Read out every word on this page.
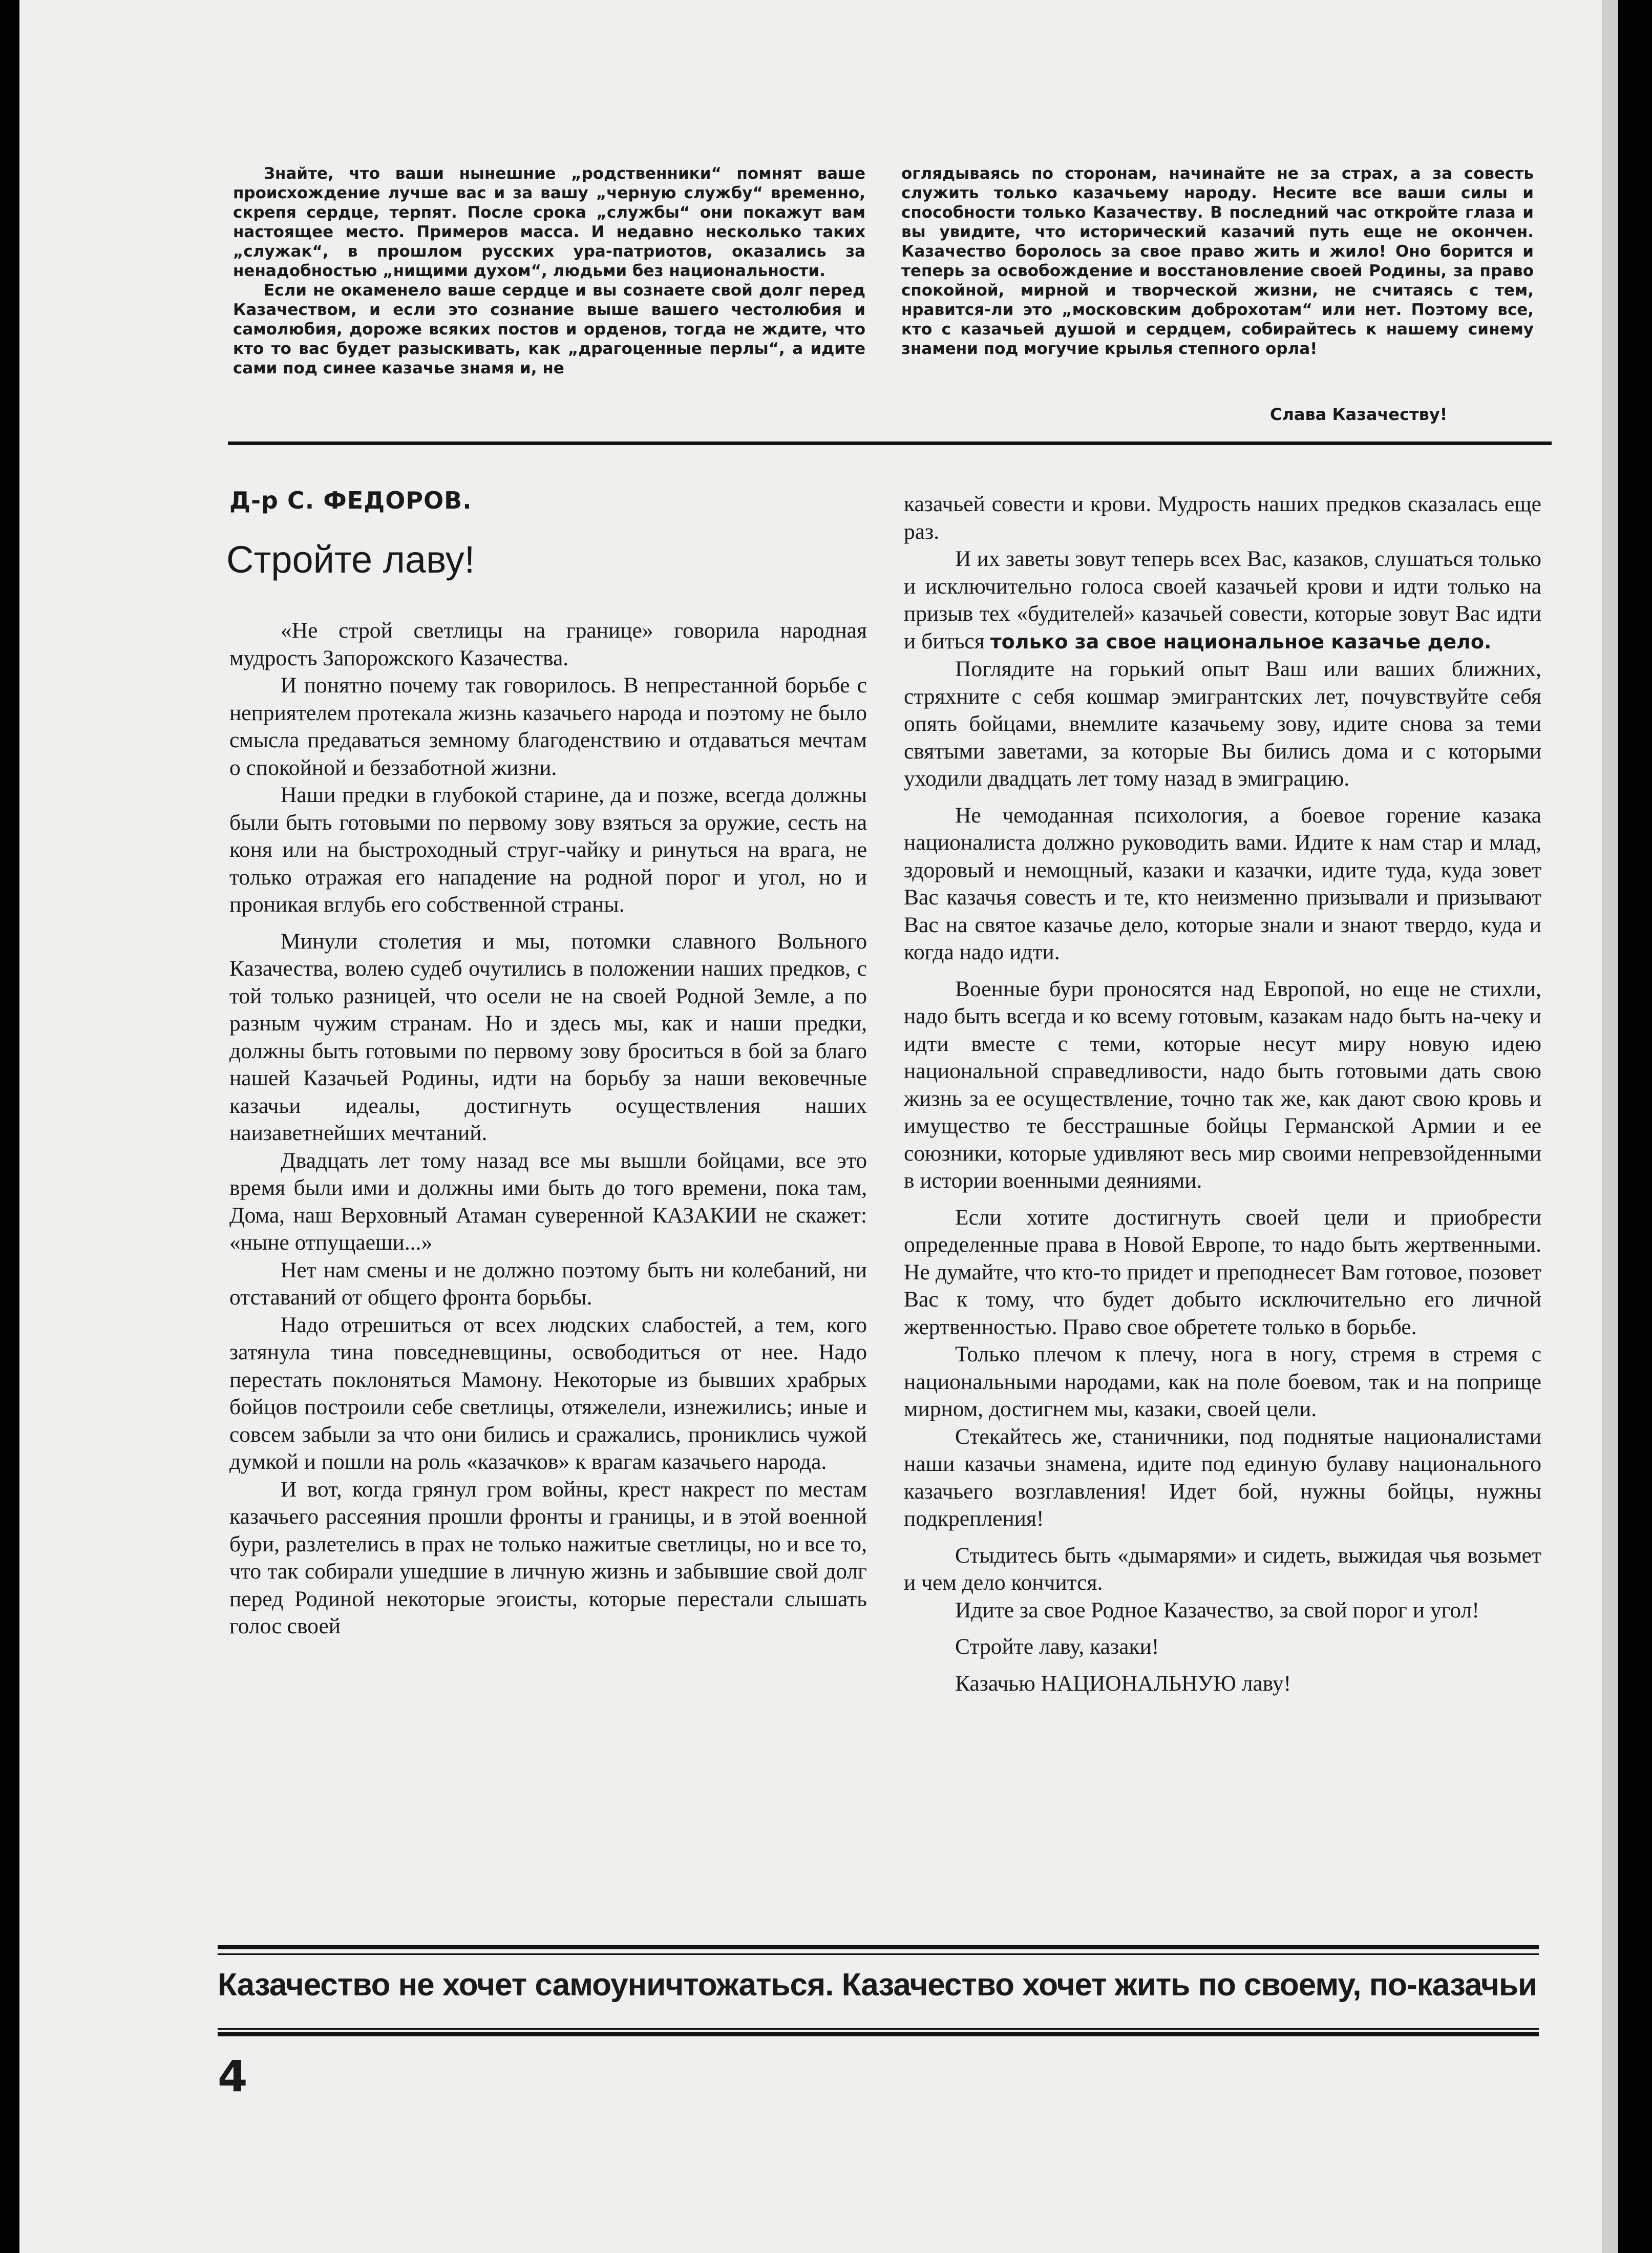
Знайте, что ваши нынешние „родственники“ помнят ваше происхождение лучше вас и за вашу „черную службу“ временно, скрепя сердце, терпят. После срока „службы“ они покажут вам настоящее место. Примеров масса. И недавно несколько таких „служак“, в прошлом русских ура-патриотов, оказались за ненадобностью „нищими духом“, людьми без национальности.

Если не окаменело ваше сердце и вы сознаете свой долг перед Казачеством, и если это сознание выше вашего честолюбия и самолюбия, дороже всяких постов и орденов, тогда не ждите, что кто то вас будет разыскивать, как „драгоценные перлы“, а идите сами под синее казачье знамя и, не

оглядываясь по сторонам, начинайте не за страх, а за совесть служить только казачьему народу. Несите все ваши силы и способности только Казачеству. В последний час откройте глаза и вы увидите, что исторический казачий путь еще не окончен. Казачество боролось за свое право жить и жило! Оно борится и теперь за освобождение и восстановление своей Родины, за право спокойной, мирной и творческой жизни, не считаясь с тем, нравится-ли это „московским доброхотам“ или нет. Поэтому все, кто с казачьей душой и сердцем, собирайтесь к нашему синему знамени под могучие крылья степного орла!

Слава Казачеству!
Д-р С. ФЕДОРОВ.
Стройте лаву!

«Не строй светлицы на границе» говорила народная мудрость Запорожского Казачества.

И понятно почему так говорилось. В непрестанной борьбе с неприятелем протекала жизнь казачьего народа и поэтому не было смысла предаваться земному благоденствию и отдаваться мечтам о спокойной и беззаботной жизни.

Наши предки в глубокой старине, да и позже, всегда должны были быть готовыми по первому зову взяться за оружие, сесть на коня или на быстроходный струг-чайку и ринуться на врага, не только отражая его нападение на родной порог и угол, но и проникая вглубь его собственной страны.

Минули столетия и мы, потомки славного Вольного Казачества, волею судеб очутились в положении наших предков, с той только разницей, что осели не на своей Родной Земле, а по разным чужим странам. Но и здесь мы, как и наши предки, должны быть готовыми по первому зову броситься в бой за благо нашей Казачьей Родины, идти на борьбу за наши вековечные казачьи идеалы, достигнуть осуществления наших наизаветнейших мечтаний.

Двадцать лет тому назад все мы вышли бойцами, все это время были ими и должны ими быть до того времени, пока там, Дома, наш Верховный Атаман суверенной КАЗАКИИ не скажет: «ныне отпущаеши...»

Нет нам смены и не должно поэтому быть ни колебаний, ни отставаний от общего фронта борьбы.

Надо отрешиться от всех людских слабостей, а тем, кого затянула тина повседневщины, освободиться от нее. Надо перестать поклоняться Мамону. Некоторые из бывших храбрых бойцов построили себе светлицы, отяжелели, изнежились; иные и совсем забыли за что они бились и сражались, прониклись чужой думкой и пошли на роль «казачков» к врагам казачьего народа.

И вот, когда грянул гром войны, крест накрест по местам казачьего рассеяния прошли фронты и границы, и в этой военной бури, разлетелись в прах не только нажитые светлицы, но и все то, что так собирали ушедшие в личную жизнь и забывшие свой долг перед Родиной некоторые эгоисты, которые перестали слышать голос своей

казачьей совести и крови. Мудрость наших предков сказалась еще раз.

И их заветы зовут теперь всех Вас, казаков, слушаться только и исключительно голоса своей казачьей крови и идти только на призыв тех «будителей» казачьей совести, которые зовут Вас идти и биться только за свое национальное казачье дело.

Поглядите на горький опыт Ваш или ваших ближних, стряхните с себя кошмар эмигрантских лет, почувствуйте себя опять бойцами, внемлите казачьему зову, идите снова за теми святыми заветами, за которые Вы бились дома и с которыми уходили двадцать лет тому назад в эмиграцию.

Не чемоданная психология, а боевое горение казака националиста должно руководить вами. Идите к нам стар и млад, здоровый и немощный, казаки и казачки, идите туда, куда зовет Вас казачья совесть и те, кто неизменно призывали и призывают Вас на святое казачье дело, которые знали и знают твердо, куда и когда надо идти.

Военные бури проносятся над Европой, но еще не стихли, надо быть всегда и ко всему готовым, казакам надо быть на-чеку и идти вместе с теми, которые несут миру новую идею национальной справедливости, надо быть готовыми дать свою жизнь за ее осуществление, точно так же, как дают свою кровь и имущество те бесстрашные бойцы Германской Армии и ее союзники, которые удивляют весь мир своими непревзойденными в истории военными деяниями.

Если хотите достигнуть своей цели и приобрести определенные права в Новой Европе, то надо быть жертвенными. Не думайте, что кто-то придет и преподнесет Вам готовое, позовет Вас к тому, что будет добыто исключительно его личной жертвенностью. Право свое обретете только в борьбе.

Только плечом к плечу, нога в ногу, стремя в стремя с национальными народами, как на поле боевом, так и на поприще мирном, достигнем мы, казаки, своей цели.

Стекайтесь же, станичники, под поднятые националистами наши казачьи знамена, идите под единую булаву национального казачьего возглавления! Идет бой, нужны бойцы, нужны подкрепления!

Стыдитесь быть «дымарями» и сидеть, выжидая чья возьмет и чем дело кончится.

Идите за свое Родное Казачество, за свой порог и угол!

Стройте лаву, казаки!

Казачью НАЦИОНАЛЬНУЮ лаву!

Казачество не хочет самоуничтожаться. Казачество хочет жить по своему, по-казачьи
4
